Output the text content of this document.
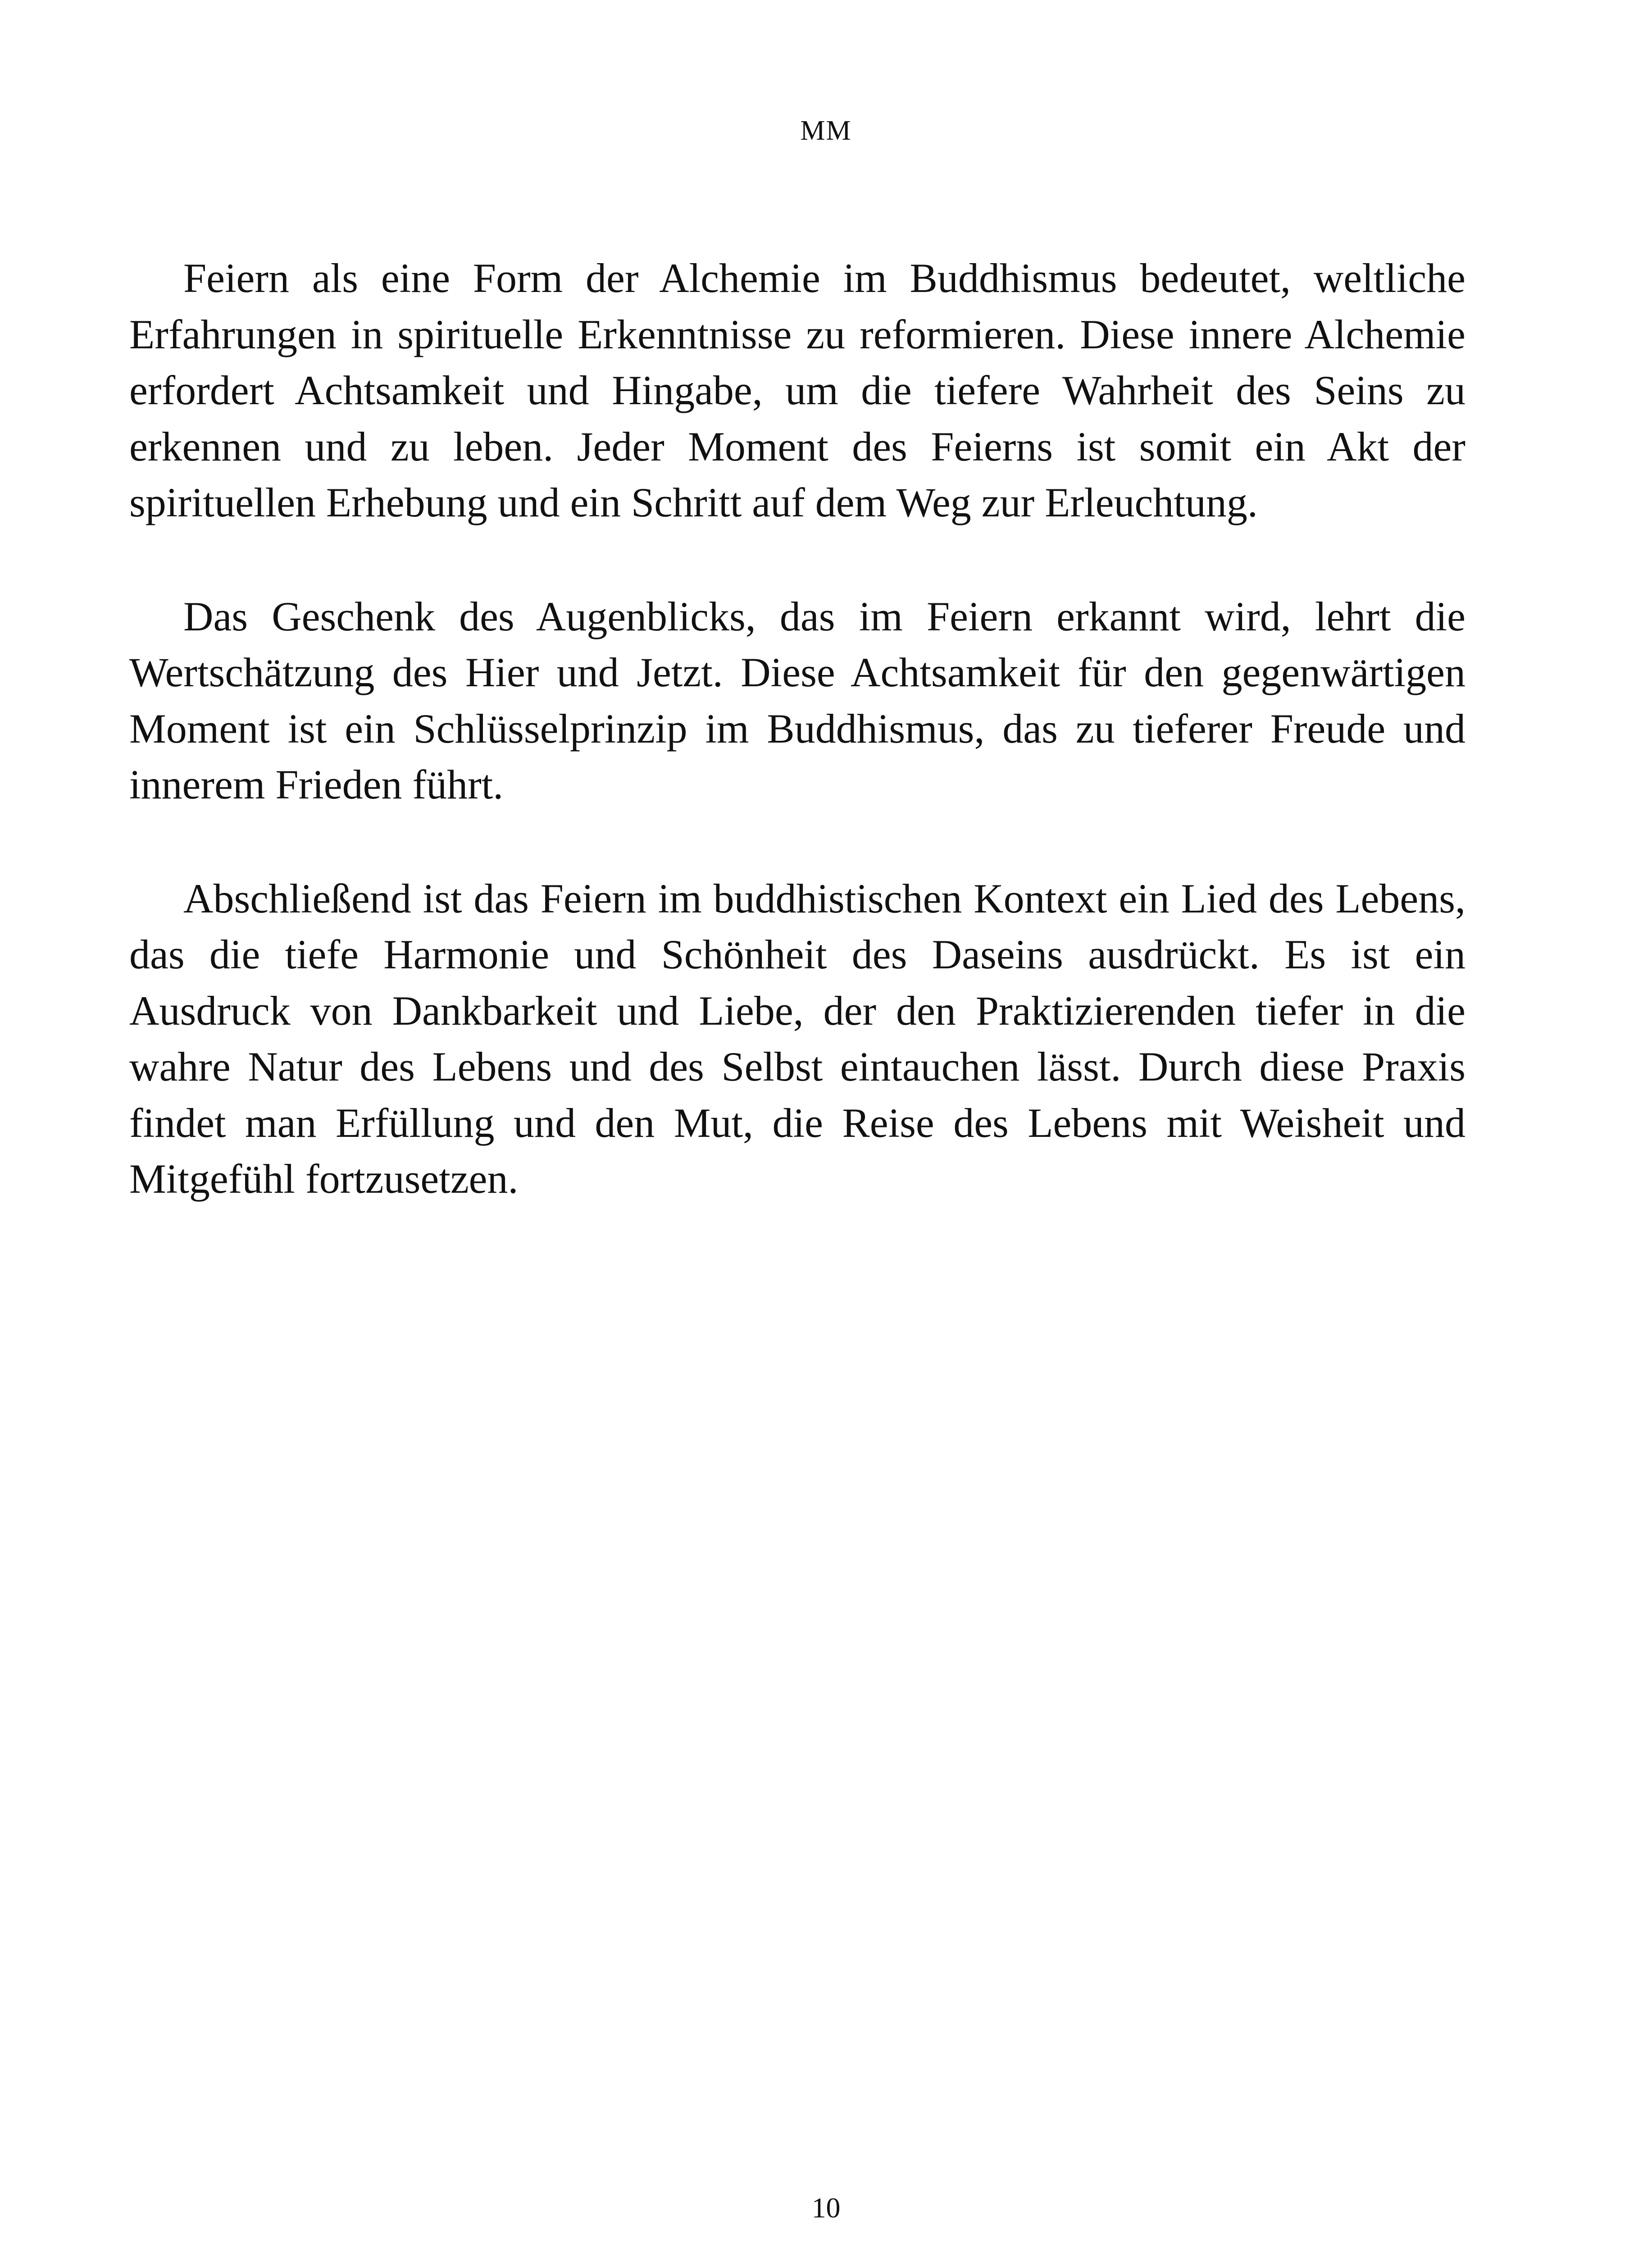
MM

Feiern als eine Form der Alchemie im Buddhismus bedeutet, weltliche Erfahrungen in spirituelle Erkenntnisse zu reformieren. Diese innere Alchemie erfordert Achtsamkeit und Hingabe, um die tiefere Wahrheit des Seins zu erkennen und zu leben. Jeder Moment des Feierns ist somit ein Akt der spirituellen Erhebung und ein Schritt auf dem Weg zur Erleuchtung.

Das Geschenk des Augenblicks, das im Feiern erkannt wird, lehrt die Wertschätzung des Hier und Jetzt. Diese Achtsamkeit für den gegenwärtigen Moment ist ein Schlüsselprinzip im Buddhismus, das zu tieferer Freude und innerem Frieden führt.

Abschließend ist das Feiern im buddhistischen Kontext ein Lied des Lebens, das die tiefe Harmonie und Schönheit des Daseins ausdrückt. Es ist ein Ausdruck von Dankbarkeit und Liebe, der den Praktizierenden tiefer in die wahre Natur des Lebens und des Selbst eintauchen lässt. Durch diese Praxis findet man Erfüllung und den Mut, die Reise des Lebens mit Weisheit und Mitgefühl fortzusetzen.

10
